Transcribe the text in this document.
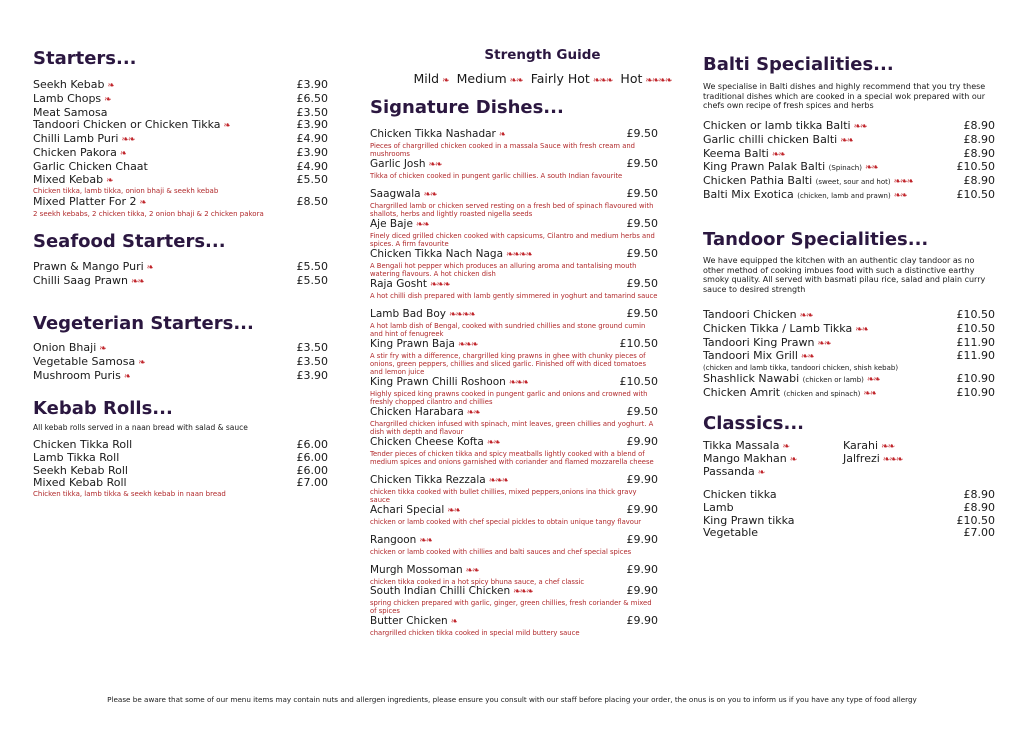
Starters...
Seekh Kebab ❧	£3.90
Lamb Chops ❧	£6.50
Meat Samosa	£3.50
Tandoori Chicken or Chicken Tikka ❧	£3.90
Chilli Lamb Puri ❧❧	£4.90
Chicken Pakora ❧	£3.90
Garlic Chicken Chaat	£4.90
Mixed Kebab ❧	£5.50
Chicken tikka, lamb tikka, onion bhaji & seekh kebab
Mixed Platter For 2 ❧	£8.50
2 seekh kebabs, 2 chicken tikka, 2 onion bhaji & 2 chicken pakora
Seafood Starters...
Prawn & Mango Puri ❧	£5.50
Chilli Saag Prawn ❧❧	£5.50
Vegeterian Starters...
Onion Bhaji ❧	£3.50
Vegetable Samosa ❧	£3.50
Mushroom Puris ❧	£3.90
Kebab Rolls...
All kebab rolls served in a naan bread with salad & sauce
Chicken Tikka Roll	£6.00
Lamb Tikka Roll	£6.00
Seekh Kebab Roll	£6.00
Mixed Kebab Roll	£7.00
Chicken tikka, lamb tikka & seekh kebab in naan bread
Strength Guide
Mild ❧ Medium ❧❧ Fairly Hot ❧❧❧ Hot ❧❧❧❧
Signature Dishes...
Chicken Tikka Nashadar ❧	£9.50
Pieces of chargrilled chicken cooked in a massala Sauce with fresh cream and mushrooms
Garlic Josh ❧❧	£9.50
Tikka of chicken cooked in pungent garlic chillies. A south Indian favourite
Saagwala ❧❧	£9.50
Chargrilled lamb or chicken served resting on a fresh bed of spinach flavoured with shallots, herbs and lightly roasted nigella seeds
Aje Baje ❧❧	£9.50
Finely diced grilled chicken cooked with capsicums, Cilantro and medium herbs and spices. A firm favourite
Chicken Tikka Nach Naga ❧❧❧❧	£9.50
A Bengali hot pepper which produces an alluring aroma and tantalising mouth watering flavours. A hot chicken dish
Raja Gosht ❧❧❧	£9.50
A hot chilli dish prepared with lamb gently simmered in yoghurt and tamarind sauce
Lamb Bad Boy ❧❧❧❧	£9.50
A hot lamb dish of Bengal, cooked with sundried chillies and stone ground cumin and hint of fenugreek
King Prawn Baja ❧❧❧	£10.50
A stir fry with a difference, chargrilled king prawns in ghee with chunky pieces of onions, green peppers, chillies and sliced garlic. Finished off with diced tomatoes and lemon juice
King Prawn Chilli Roshoon ❧❧❧	£10.50
Highly spiced king prawns cooked in pungent garlic and onions and crowned with freshly chopped cilantro and chillies
Chicken Harabara ❧❧	£9.50
Chargrilled chicken infused with spinach, mint leaves, green chillies and yoghurt. A dish with depth and flavour
Chicken Cheese Kofta ❧❧	£9.90
Tender pieces of chicken tikka and spicy meatballs lightly cooked with a blend of medium spices and onions garnished with coriander and flamed mozzarella cheese
Chicken Tikka Rezzala ❧❧❧	£9.90
chicken tikka cooked with bullet chillies, mixed peppers,onions ina thick gravy sauce
Achari Special ❧❧	£9.90
chicken or lamb cooked with chef special pickles to obtain unique tangy flavour
Rangoon ❧❧	£9.90
chicken or lamb cooked with chillies and balti sauces and chef special spices
Murgh Mossoman ❧❧	£9.90
chicken tikka cooked in a hot spicy bhuna sauce, a chef classic
South Indian Chilli Chicken ❧❧❧	£9.90
spring chicken prepared with garlic, ginger, green chillies, fresh coriander & mixed of spices
Butter Chicken ❧	£9.90
chargrilled chicken tikka cooked in special mild buttery sauce
Balti Specialities...
We specialise in Balti dishes and highly recommend that you try these traditional dishes which are cooked in a special wok prepared with our chefs own recipe of fresh spices and herbs
Chicken or lamb tikka Balti ❧❧	£8.90
Garlic chilli chicken Balti ❧❧	£8.90
Keema Balti ❧❧	£8.90
King Prawn Palak Balti (Spinach) ❧❧	£10.50
Chicken Pathia Balti (sweet, sour and hot) ❧❧❧	£8.90
Balti Mix Exotica (chicken, lamb and prawn) ❧❧	£10.50
Tandoor Specialities...
We have equipped the kitchen with an authentic clay tandoor as no other method of cooking imbues food with such a distinctive earthy smoky quality. All served with basmati pilau rice, salad and plain curry sauce to desired strength
Tandoori Chicken ❧❧	£10.50
Chicken Tikka / Lamb Tikka ❧❧	£10.50
Tandoori King Prawn ❧❧	£11.90
Tandoori Mix Grill ❧❧	£11.90
(chicken and lamb tikka, tandoori chicken, shish kebab)
Shashlick Nawabi (chicken or lamb) ❧❧	£10.90
Chicken Amrit (chicken and spinach) ❧❧	£10.90
Classics...
Tikka Massala ❧	Karahi ❧❧
Mango Makhan ❧	Jalfrezi ❧❧❧
Passanda ❧
Chicken tikka	£8.90
Lamb	£8.90
King Prawn tikka	£10.50
Vegetable	£7.00
Please be aware that some of our menu items may contain nuts and allergen ingredients, please ensure you consult with our staff before placing your order, the onus is on you to inform us if you have any type of food allergy
